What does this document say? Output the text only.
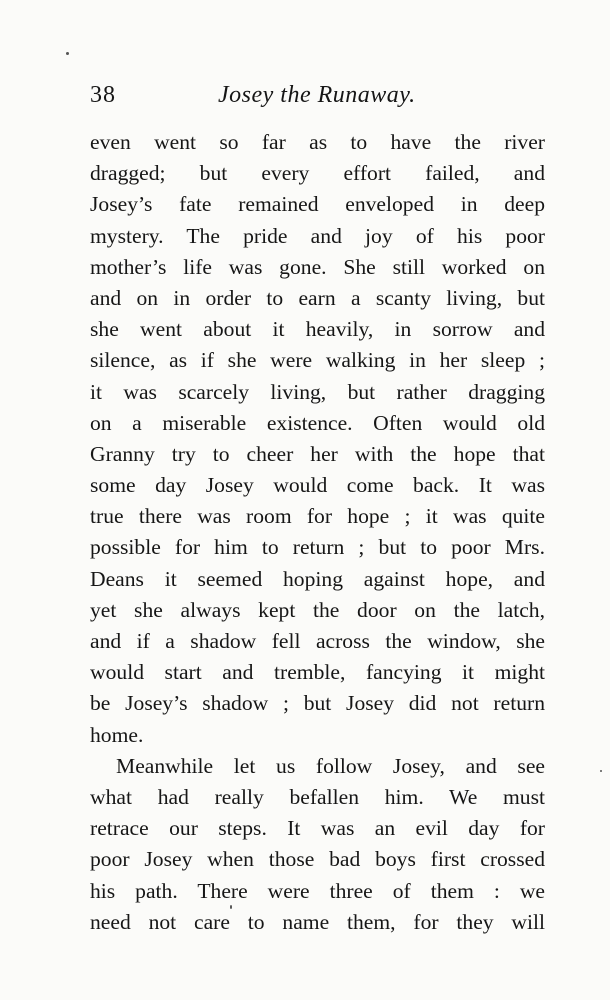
38	Josey the Runaway.
even went so far as to have the river
dragged; but every effort failed, and
Josey’s fate remained enveloped in deep
mystery. The pride and joy of his poor
mother’s life was gone. She still worked on
and on in order to earn a scanty living, but
she went about it heavily, in sorrow and
silence, as if she were walking in her sleep ;
it was scarcely living, but rather dragging
on a miserable existence. Often would old
Granny try to cheer her with the hope that
some day Josey would come back. It was
true there was room for hope ; it was quite
possible for him to return ; but to poor Mrs.
Deans it seemed hoping against hope, and
yet she always kept the door on the latch,
and if a shadow fell across the window, she
would start and tremble, fancying it might
be Josey’s shadow ; but Josey did not return
home.
Meanwhile let us follow Josey, and see
what had really befallen him. We must
retrace our steps. It was an evil day for
poor Josey when those bad boys first crossed
his path. There were three of them : we
need not care to name them, for they will
